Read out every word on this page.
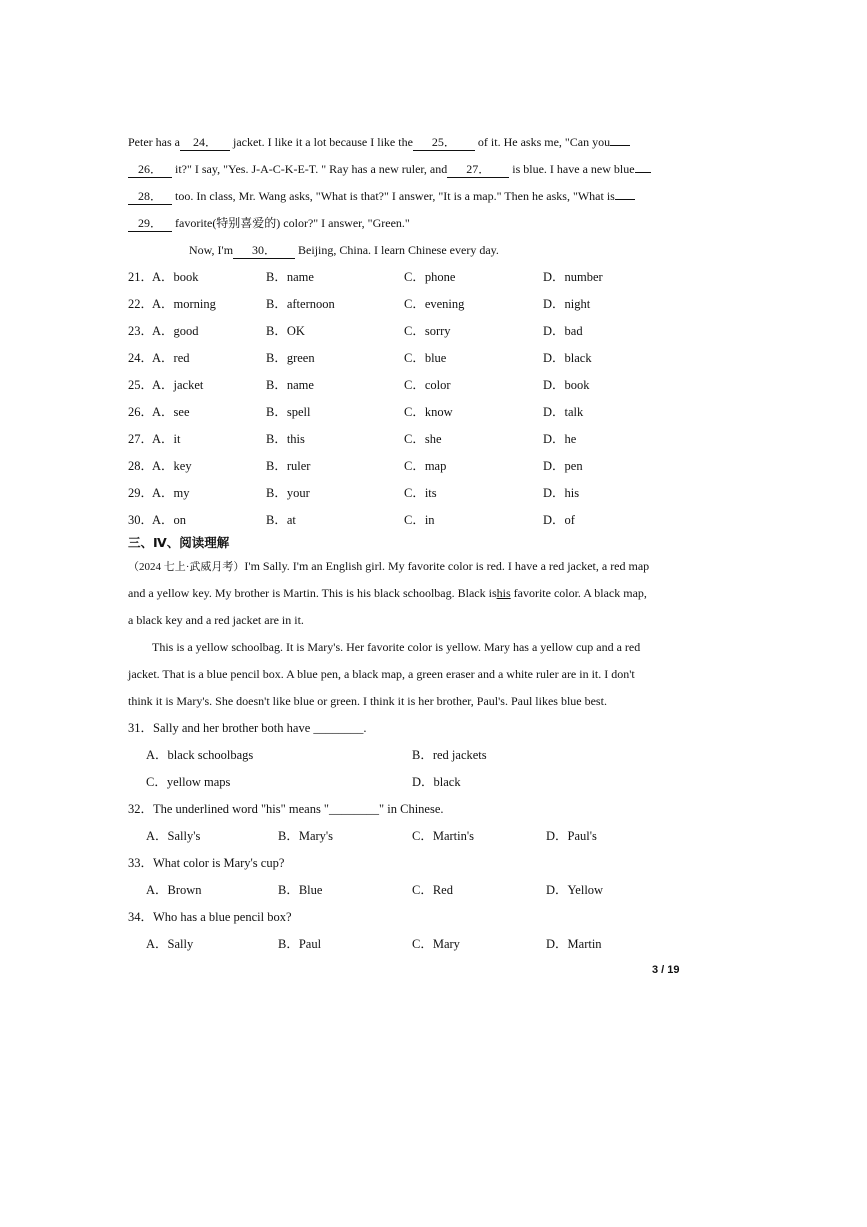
Peter has a 24． jacket. I like it a lot because I like the 25． of it. He asks me, "Can you
26． it?" I say, "Yes. J-A-C-K-E-T. " Ray has a new ruler, and 27． is blue. I have a new blue
28． too. In class, Mr. Wang asks, "What is that?" I answer, "It is a map." Then he asks, "What is
29． favorite(特别喜爱的) color?" I answer, "Green."
Now, I'm 30． Beijing, China. I learn Chinese every day.
21．
A．book	B．name	C．phone	D．number
22．
A．morning	B．afternoon	C．evening	D．night
23．
A．good	B．OK	C．sorry	D．bad
24．
A．red	B．green	C．blue	D．black
25．
A．jacket	B．name	C．color	D．book
26．
A．see	B．spell	C．know	D．talk
27．
A．it	B．this	C．she	D．he
28．
A．key	B．ruler	C．map	D．pen
29．
A．my	B．your	C．its	D．his
30．
A．on	B．at	C．in	D．of
三、Ⅳ、阅读理解
（2024 七上·武威月考）I'm Sally. I'm an English girl. My favorite color is red. I have a red jacket, a red map
and a yellow key. My brother is Martin. This is his black schoolbag. Black ishis favorite color. A black map,
a black key and a red jacket are in it.
This is a yellow schoolbag. It is Mary's. Her favorite color is yellow. Mary has a yellow cup and a red
jacket. That is a blue pencil box. A blue pen, a black map, a green eraser and a white ruler are in it. I don't
think it is Mary's. She doesn't like blue or green. I think it is her brother, Paul's. Paul likes blue best.
31．Sally and her brother both have ________.
A．black schoolbags	B．red jackets
C．yellow maps	D．black
32．The underlined word "his" means "________" in Chinese.
A．Sally's	B．Mary's	C．Martin's	D．Paul's
33．What color is Mary's cup?
A．Brown	B．Blue	C．Red	D．Yellow
34．Who has a blue pencil box?
A．Sally	B．Paul	C．Mary	D．Martin
3 / 19
